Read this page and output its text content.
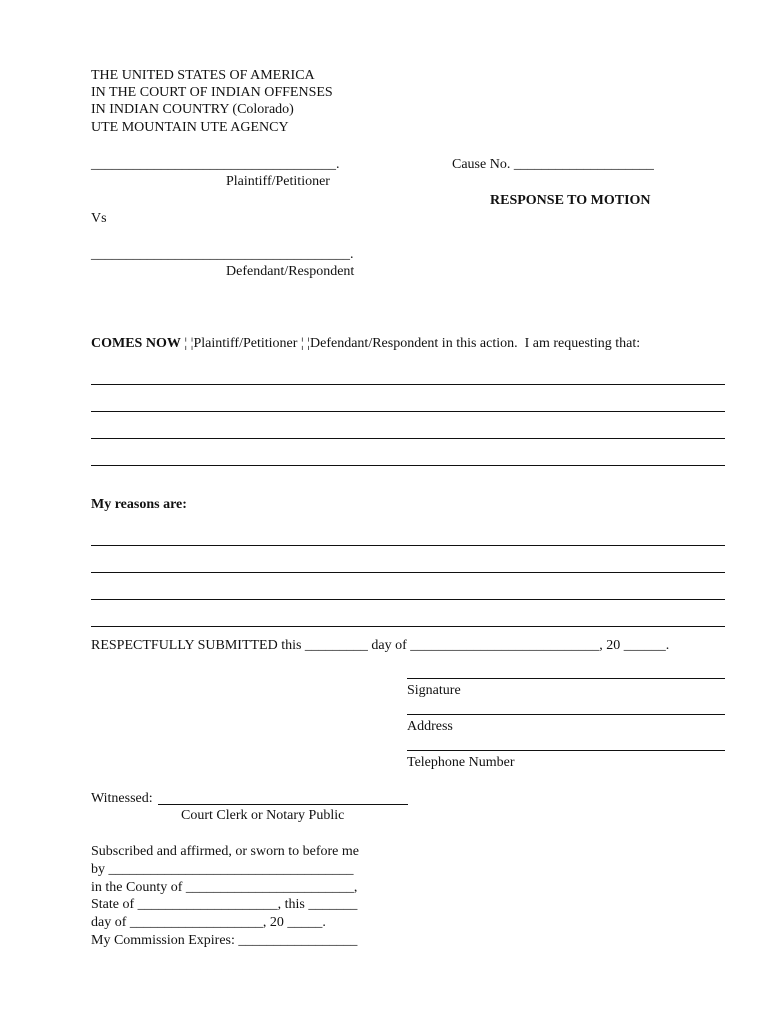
THE UNITED STATES OF AMERICA
IN THE COURT OF INDIAN OFFENSES
IN INDIAN COUNTRY (Colorado)
UTE MOUNTAIN UTE AGENCY
___________________________________.
Plaintiff/Petitioner
Cause No. ____________________
RESPONSE TO MOTION
Vs
_____________________________________.
Defendant/Respondent
COMES NOW ¦ ¦Plaintiff/Petitioner ¦ ¦Defendant/Respondent in this action.  I am requesting that:
My reasons are:
RESPECTFULLY SUBMITTED this _________ day of ___________________________, 20 ______.
Signature
Address
Telephone Number
Witnessed:
Court Clerk or Notary Public
Subscribed and affirmed, or sworn to before me
by ___________________________________
in the County of ________________________,
State of ____________________, this _______
day of ___________________, 20 _____.
My Commission Expires: _________________
